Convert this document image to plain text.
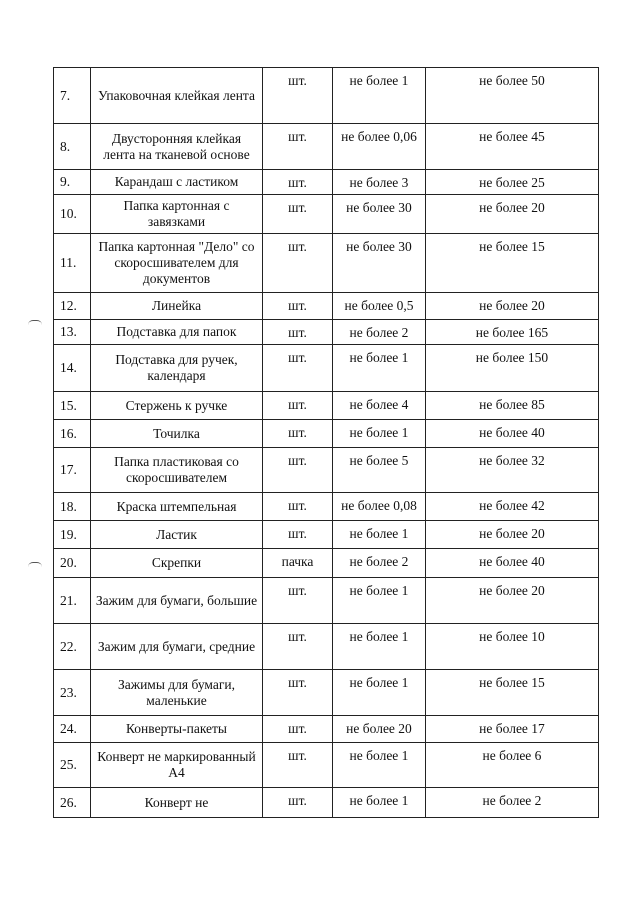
7.	Упаковочная клейкая лента	шт.	не более 1	не более 50
8.	Двусторонняя клейкая лента на тканевой основе	шт.	не более 0,06	не более 45
9.	Карандаш с ластиком	шт.	не более 3	не более 25
10.	Папка картонная с завязками	шт.	не более 30	не более 20
11.	Папка картонная "Дело" со скоросшивателем для документов	шт.	не более 30	не более 15
12.	Линейка	шт.	не более 0,5	не более 20
13.	Подставка для папок	шт.	не более 2	не более 165
14.	Подставка для ручек, календаря	шт.	не более 1	не более 150
15.	Стержень к ручке	шт.	не более 4	не более 85
16.	Точилка	шт.	не более 1	не более 40
17.	Папка пластиковая со скоросшивателем	шт.	не более 5	не более 32
18.	Краска штемпельная	шт.	не более 0,08	не более 42
19.	Ластик	шт.	не более 1	не более 20
20.	Скрепки	пачка	не более 2	не более 40
21.	Зажим для бумаги, большие	шт.	не более 1	не более 20
22.	Зажим для бумаги, средние	шт.	не более 1	не более 10
23.	Зажимы для бумаги, маленькие	шт.	не более 1	не более 15
24.	Конверты-пакеты	шт.	не более 20	не более 17
25.	Конверт не маркированный А4	шт.	не более 1	не более 6
26.	Конверт не	шт.	не более 1	не более 2
